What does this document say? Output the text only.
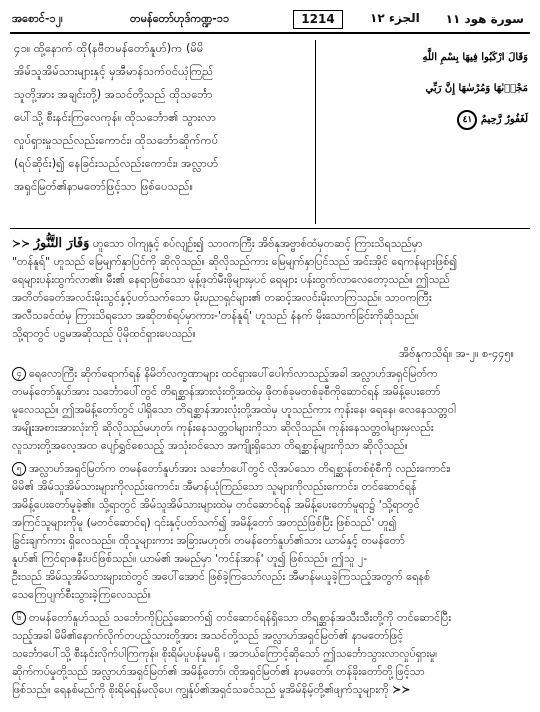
အစောင်-၁၂၊	တမန်တော်ဟုဒ်ကဏ္ဍ-၁၁	1214	الجزء ١٢ سورة هود ١١
၄၁။ ထို့နောက် ထို(နဗီတမန်တော်နူဟ်)က (မိမိ
အိမ်သူအိမ်သားများနှင့် မှအီမာန်သက်ဝင်ယုံကြည်
သူတို့အား အချင်းတို့) အသင်တို့သည် ထိုသင်္ဘော
ပေါ်သို့ စီးနင်းကြလေကုန်။ ထိုသင်္ဘော၏ သွားလာ
လှုပ်ရှားမှုသည်လည်းကောင်း၊ ထိုသင်္ဘောဆိုက်ကပ်
(ရပ်ဆိုင်း)၍ နေခြင်းသည်လည်းကောင်း၊ အလ္လာဟ်
အရှင်မြတ်၏နာမတော်ဖြင့်သာ ဖြစ်ပေသည်။
وَقَالَ ارْكَبُوا فِيهَا بِسْمِ اللَّهِ
مَجْرٜىٰهَا وَمُرْسٰهَا إِنَّ رَبِّي
لَغَفُورٌ رَّحِيمٌ ٤١
≻≻ وَفَارَ التَّنُّورُ ဟူသော ဝါကျနှင့် စပ်လျဉ်း၍ သာဝကကြီး အိဗ်နုအဗ္ဗာစ်ထံမှတဆင့် ကြားသိရသည်မှာ
"တန်နူရ်" ဟူသည် မြေမျက်နှာပြင်ကို ဆိုလိုသည်။ ဆိုလိုသည်ကား မြေမျက်နှာပြင်သည် အင်းအိုင် ရေကန်များဖြစ်၍
ရေများပန်းထွက်လာ၏။ မီး၏ နေရာဖြစ်သော မုန့်ဖုတ်မီးဖိုများမှပင် ရေများ ပန်းထွက်လာလေတော့သည်။ ဤသည်
အတိတ်ခေတ်အလင်းမိုးသွင်နှင့်ပတ်သက်သော မိုးပညာရှင်များ၏ တဆင့်အလင်းမိုးလာကြသည်။ သာဝကကြီး
အလီသခင်ထံမှ ကြားသိရသော အဆိုတစ်ရပ်မှာကား-'တန်နူရ်' ဟူသည် နံနက် မိုးသောက်ခြင်းကိုဆိုသည်။
သို့ရာတွင် ပဋ္ဌမအဆိုသည် ပိုမိုထင်ရှားပေသည်။
အိဗ်နုကသိရ်။ အ-၂။ စ-၄၄၅။
၄ ရေလောကြီး ဆိုက်ရောက်ရန် နိမိတ်လက္ခဏာများ ထင်ရှားပေါ်ပေါက်လာသည့်အခါ အလ္လာဟ်အရှင်မြတ်က
တမန်တော်နူဟ်အား သင်္ဘောပေါ်တွင် တိရစ္ဆာန်အားလုံးတို့အထဲမှ ဖိုတစ်ခုမတစ်ခုစီကိုဆောင်ရန် အမိန့်ပေးတော်
မူလေသည်။ ဤအမိန့်တော်တွင် ပါရှိသော တိရစ္ဆာန်အားလုံးတို့အထဲမှ ဟူသည်ကား ကုန်းနေ၊ ရေနေ၊ လေနေသတ္တဝါ
အမျိုးအစားအားလုံးကို ဆိုလိုသည်မဟုတ်၊ ကုန်းနေသတ္တဝါများကိုသာ ဆိုလိုသည်။ ကုန်းနေသတ္တဝါများမှလည်း
လူသားတို့အလေ့အထ ပျော်ရွှင်စေသည့် အသုံးဝင်သော အကျိုးရှိသော တိရစ္ဆာန်များကိုသာ ဆိုလိုသည်။
၅ အလ္လာဟ်အရှင်မြတ်က တမန်တော်နူဟ်အား သင်္ဘောပေါ်တွင် လိုအပ်သော တိရစ္ဆာန်တစ်စုံစီကို လည်းကောင်း၊
မိမိ၏ အိမ်သူအိမ်သားများကိုလည်းကောင်း၊ အီမာန်ယုံကြည်သော သူများကိုလည်းကောင်း၊ တင်ဆောင်ရန်
အမိန့်ပေးတော်မူခဲ့၏။ သို့ရာတွင် အိမ်သူအိမ်သားများထဲမှ တင်ဆောင်ရန် အမိန့်ပေးတော်မူရာ၌ 'သို့ရာတွင်
အကြင်သူများကိုမူ (မတင်ဆောင်ရ) ၎င်းနှင့်ပတ်သက်၍ အမိန့်တော် အတည်ဖြစ်ပြီး ဖြစ်သည်' ဟူ၍
ခြွင်းချက်ကား ရှိလေသည်။ ထိုသူများကား အခြားမဟုတ်၊ တမန်တော်နူဟ်၏သား ယာမ်နှင့် တမန်တော်
နူဟ်၏ ကြင်ရာဇနီးပင်ဖြစ်သည်။ ယာမ်၏ အမည်မှာ 'ကင်န်အာန်' ဟူ၍ ဖြစ်သည်။ ဤသူ ၂-
ဦးသည် အိမ်သူအိမ်သားများထဲတွင် အပေါ်အောင် ဖြစ်ခဲ့ကြသော်လည်း အီမာန်မယူခဲ့ကြသည့်အတွက် ရေနစ်
သေကြေပျက်စီးသွားခဲ့ကြလေသည်။
၆ တမန်တော်နူဟ်သည် သင်္ဘောကိုပြည့်ဆောက်၍ တင်ဆောင်ရန်ရှိသော တိရစ္ဆာန်အသီးသီးတို့ကို တင်ဆောင်ပြီး
သည့်အခါ မိမိ၏နောက်လိုက်တပည့်သားတို့အား အသင်တို့သည် အလ္လာဟ်အရှင်မြတ်၏ နာမတော်ဖြင့်
သင်္ဘောပေါ်သို့ စီးနင်းလိုက်ပါကြကုန်။ စိုးရိမ်ပူပန်မှုမရှိ ၊ အဘယ်ကြောင့်ဆိုသော် ဤသင်္ဘောသွားလာလှုပ်ရှားမှု၊
ဆိုက်ကပ်မှုတို့သည် အလ္လာဟ်အရှင်မြတ်၏ အမိန့်တော်၊ ထိုအရှင်မြတ်၏ နာမတော်၊ တန်ခိုးတော်တို့ဖြင့်သာ
ဖြစ်သည်။ ရေနစ်မည်ကို စိုးရိမ်ရန်မလိုပေ၊ ကျွန်ုပ်၏အရှင်သခင်သည် မှုအိမ်နိမ့်တို့၏ဖျက်သူများကို ≻≻
